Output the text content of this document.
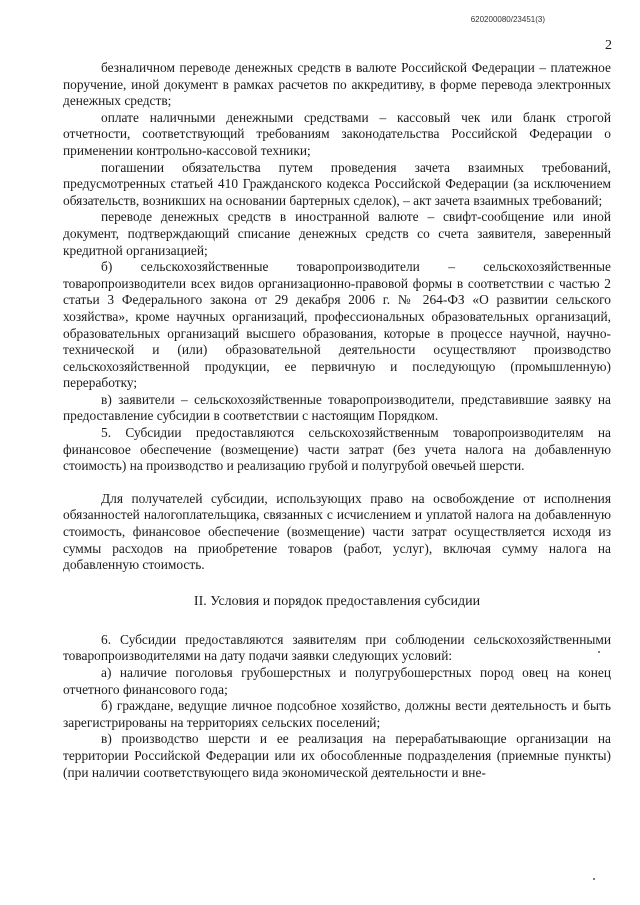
620200080/23451(3)
2

безналичном переводе денежных средств в валюте Российской Федерации – платежное поручение, иной документ в рамках расчетов по аккредитиву, в форме перевода электронных денежных средств;

оплате наличными денежными средствами – кассовый чек или бланк строгой отчетности, соответствующий требованиям законодательства Российской Федерации о применении контрольно-кассовой техники;

погашении обязательства путем проведения зачета взаимных требований, предусмотренных статьей 410 Гражданского кодекса Российской Федерации (за исключением обязательств, возникших на основании бартерных сделок), – акт зачета взаимных требований;

переводе денежных средств в иностранной валюте – свифт-сообщение или иной документ, подтверждающий списание денежных средств со счета заявителя, заверенный кредитной организацией;

б) сельскохозяйственные товаропроизводители – сельскохозяйственные товаропроизводители всех видов организационно-правовой формы в соответствии с частью 2 статьи 3 Федерального закона от 29 декабря 2006 г. № 264-ФЗ «О развитии сельского хозяйства», кроме научных организаций, профессиональных образовательных организаций, образовательных организаций высшего образования, которые в процессе научной, научно-технической и (или) образовательной деятельности осуществляют производство сельскохозяйственной продукции, ее первичную и последующую (промышленную) переработку;

в) заявители – сельскохозяйственные товаропроизводители, представившие заявку на предоставление субсидии в соответствии с настоящим Порядком.

5. Субсидии предоставляются сельскохозяйственным товаропроизводителям на финансовое обеспечение (возмещение) части затрат (без учета налога на добавленную стоимость) на производство и реализацию грубой и полугрубой овечьей шерсти.

Для получателей субсидии, использующих право на освобождение от исполнения обязанностей налогоплательщика, связанных с исчислением и уплатой налога на добавленную стоимость, финансовое обеспечение (возмещение) части затрат осуществляется исходя из суммы расходов на приобретение товаров (работ, услуг), включая сумму налога на добавленную стоимость.

II. Условия и порядок предоставления субсидии

6. Субсидии предоставляются заявителям при соблюдении сельскохозяйственными товаропроизводителями на дату подачи заявки следующих условий:

а) наличие поголовья грубошерстных и полугрубошерстных пород овец на конец отчетного финансового года;

б) граждане, ведущие личное подсобное хозяйство, должны вести деятельность и быть зарегистрированы на территориях сельских поселений;

в) производство шерсти и ее реализация на перерабатывающие организации на территории Российской Федерации или их обособленные подразделения (приемные пункты) (при наличии соответствующего вида экономической деятельности и вне-
